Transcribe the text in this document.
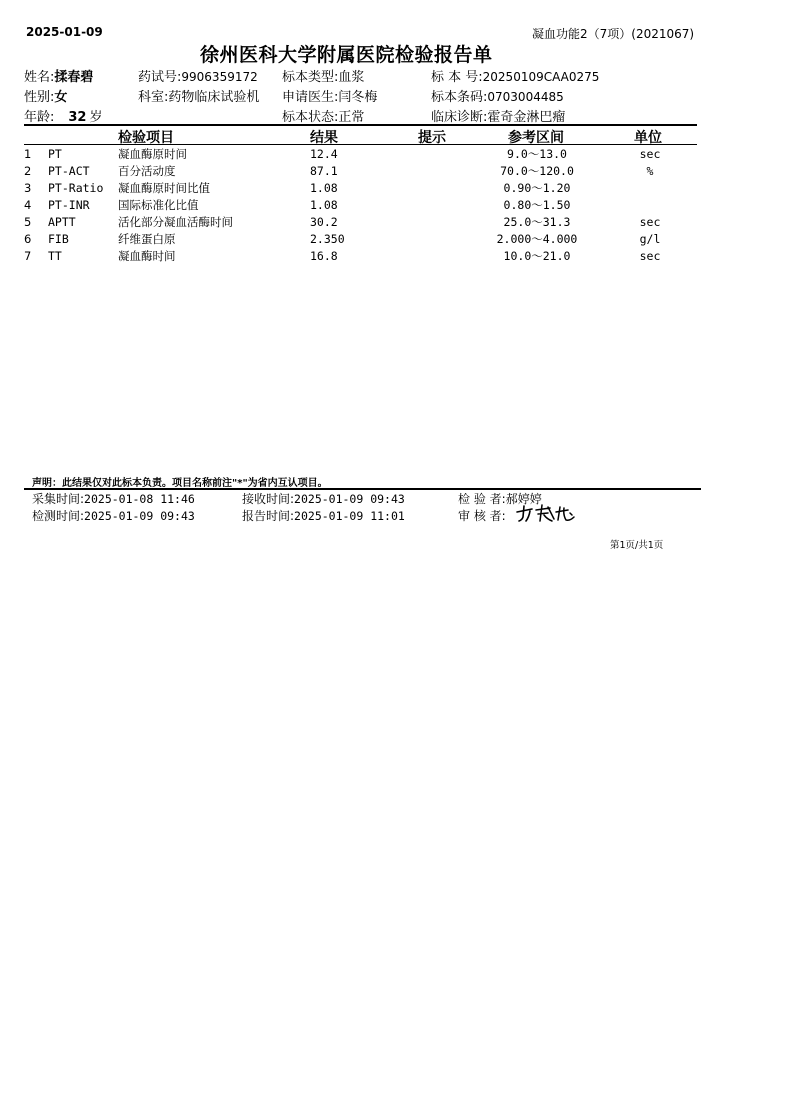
2025-01-09	凝血功能2（7项）(2021067)
徐州医科大学附属医院检验报告单
姓名:揉春碧	药试号:9906359172 标本类型:血浆	标 本 号:20250109CAA0275
性别:女	科室:药物临床试验机 申请医生:闫冬梅	标本条码:0703004485
年龄: 32 岁	标本状态:正常	临床诊断:霍奇金淋巴瘤
检验项目	结果	提示	参考区间	单位
1 PT	凝血酶原时间	12.4	9.0～13.0	sec
2 PT-ACT 百分活动度	87.1	70.0～120.0	%
3 PT-Ratio 凝血酶原时间比值	1.08	0.90～1.20
4 PT-INR 国际标准化比值	1.08	0.80～1.50
5 APTT	活化部分凝血活酶时间	30.2	25.0～31.3	sec
6 FIB	纤维蛋白原	2.350	2.000～4.000	g/l
7 TT	凝血酶时间	16.8	10.0～21.0	sec
声明：此结果仅对此标本负责。项目名称前注"*"为省内互认项目。
采集时间:2025-01-08 11:46	接收时间:2025-01-09 09:43	检 验 者:郝婷婷
检测时间:2025-01-09 09:43	报告时间:2025-01-09 11:01	审 核 者:
第1页/共1页
